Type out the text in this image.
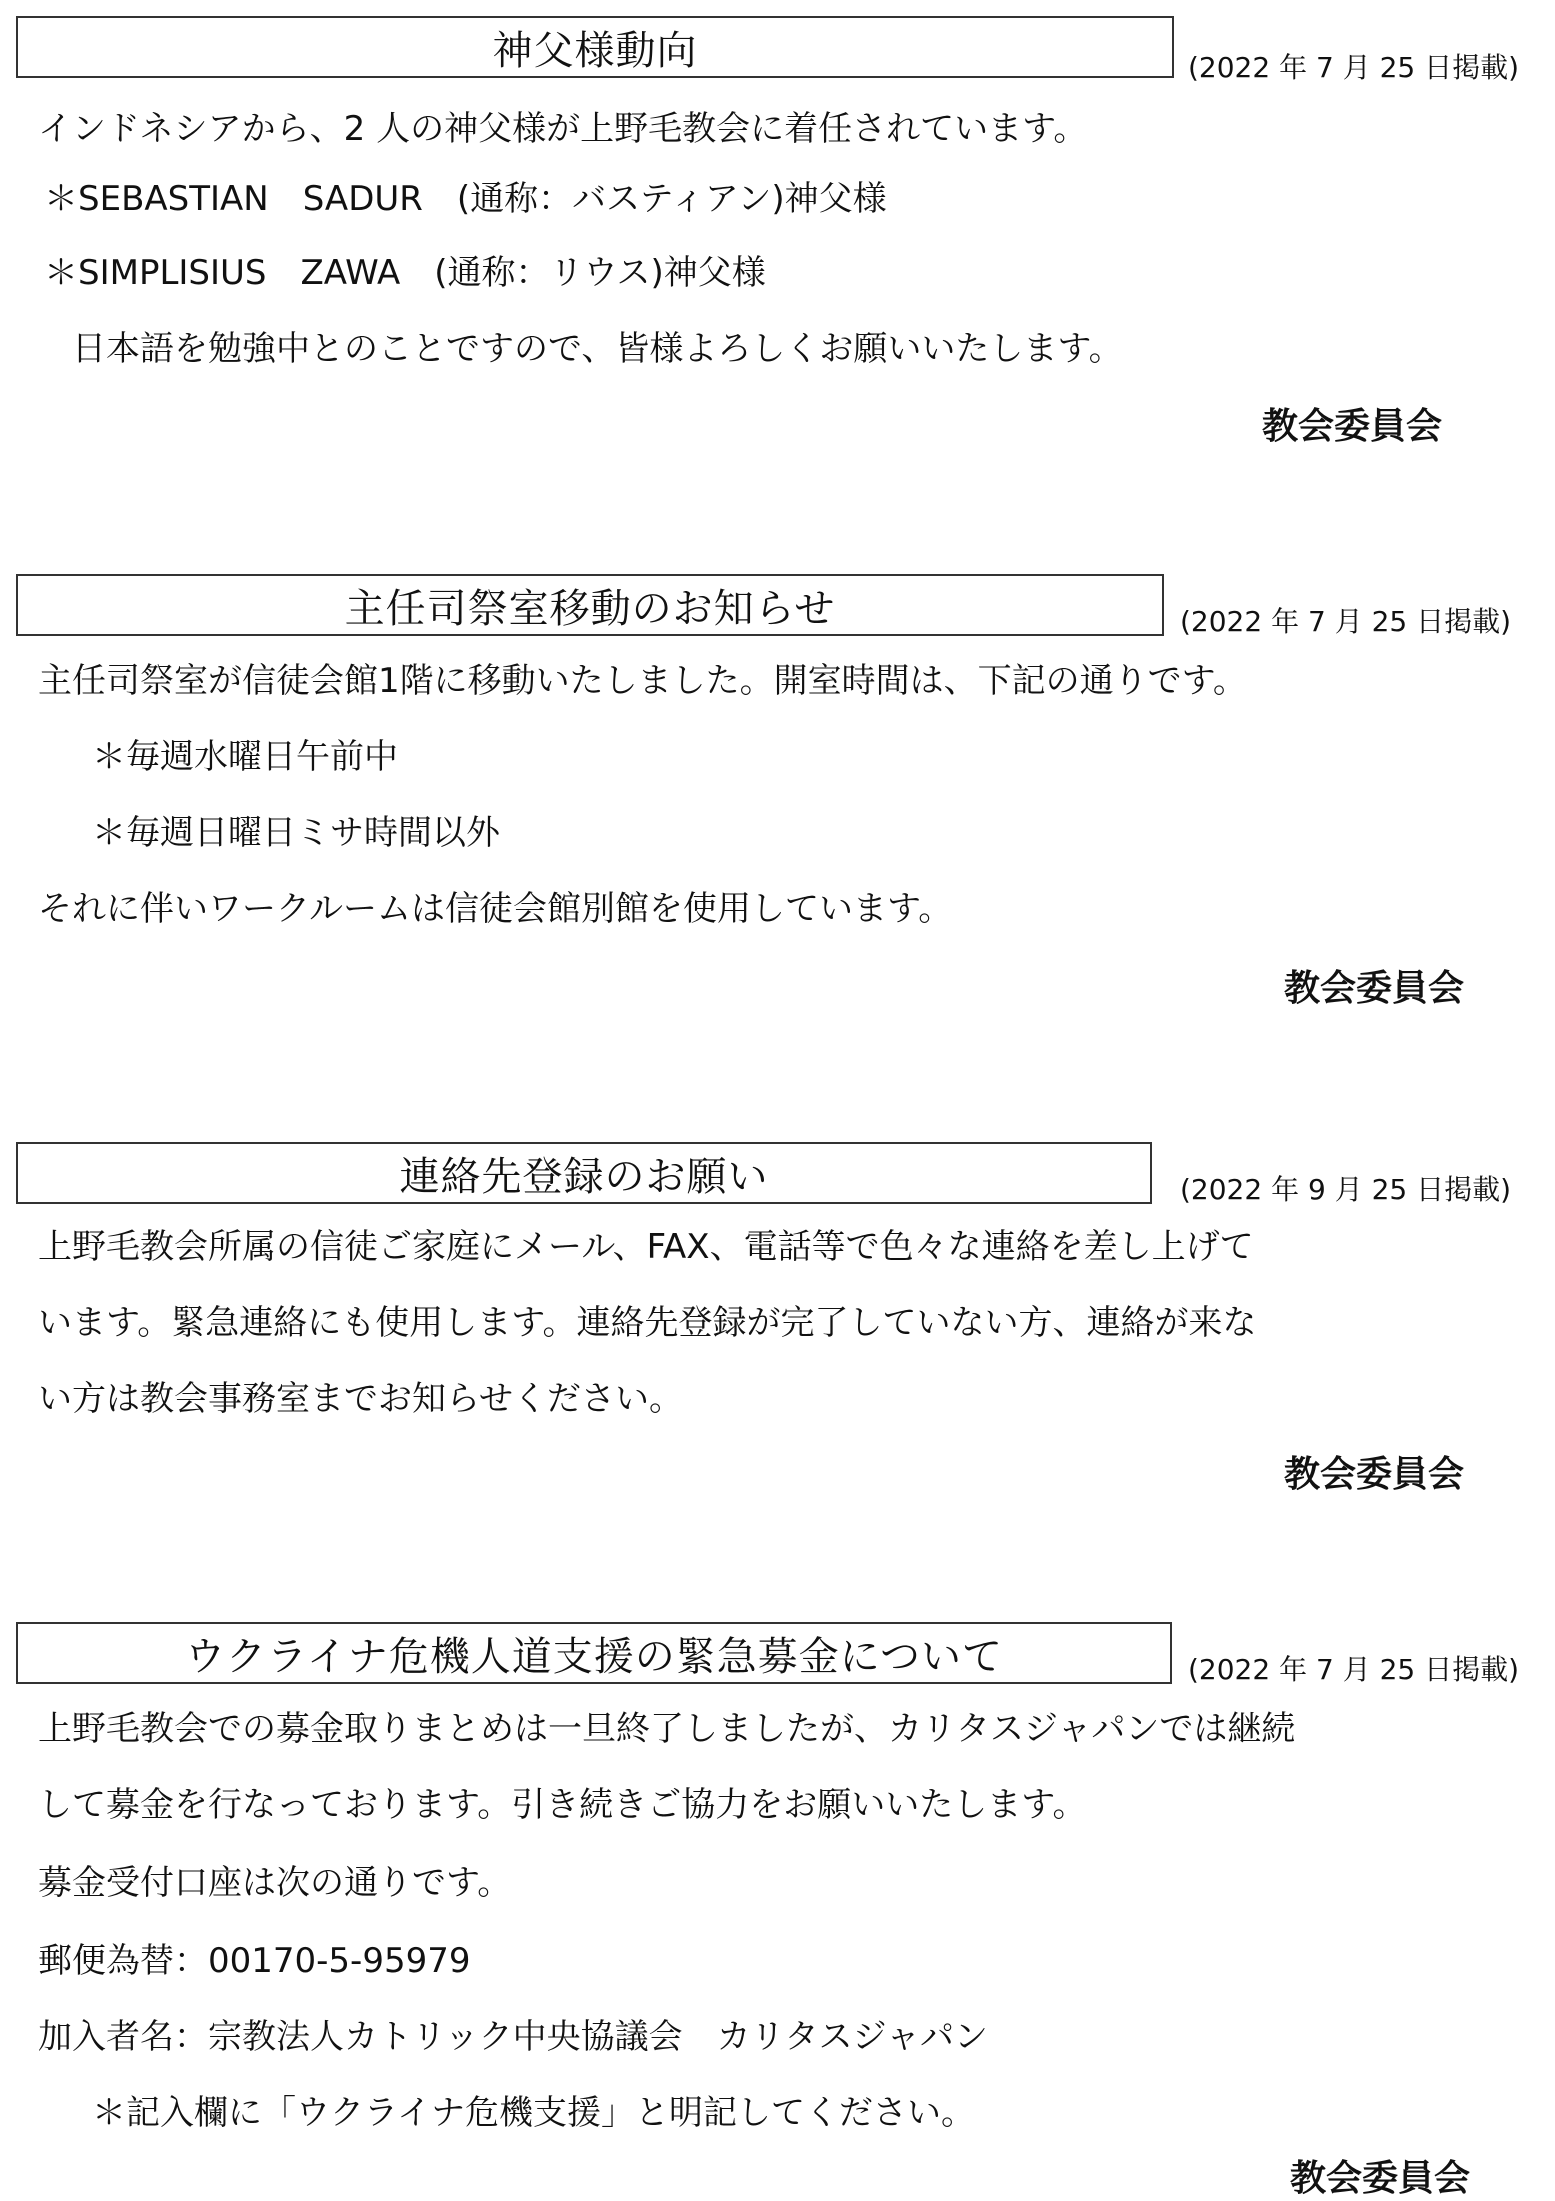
神父様動向	(2022 年 7 月 25 日掲載)
インドネシアから、2 人の神父様が上野毛教会に着任されています。
＊SEBASTIAN　SADUR　(通称：バスティアン)神父様
＊SIMPLISIUS　ZAWA　(通称：リウス)神父様
　日本語を勉強中とのことですので、皆様よろしくお願いいたします。
教会委員会
主任司祭室移動のお知らせ	(2022 年 7 月 25 日掲載)
主任司祭室が信徒会館1階に移動いたしました。開室時間は、下記の通りです。
　＊毎週水曜日午前中
　＊毎週日曜日ミサ時間以外
それに伴いワークルームは信徒会館別館を使用しています。
教会委員会
連絡先登録のお願い	(2022 年 9 月 25 日掲載)
上野毛教会所属の信徒ご家庭にメール、FAX、電話等で色々な連絡を差し上げて
います。緊急連絡にも使用します。連絡先登録が完了していない方、連絡が来な
い方は教会事務室までお知らせください。
教会委員会
ウクライナ危機人道支援の緊急募金について	(2022 年 7 月 25 日掲載)
上野毛教会での募金取りまとめは一旦終了しましたが、カリタスジャパンでは継続
して募金を行なっております。引き続きご協力をお願いいたします。
募金受付口座は次の通りです。
郵便為替：00170-5-95979
加入者名：宗教法人カトリック中央協議会　カリタスジャパン
　＊記入欄に「ウクライナ危機支援」と明記してください。
教会委員会
